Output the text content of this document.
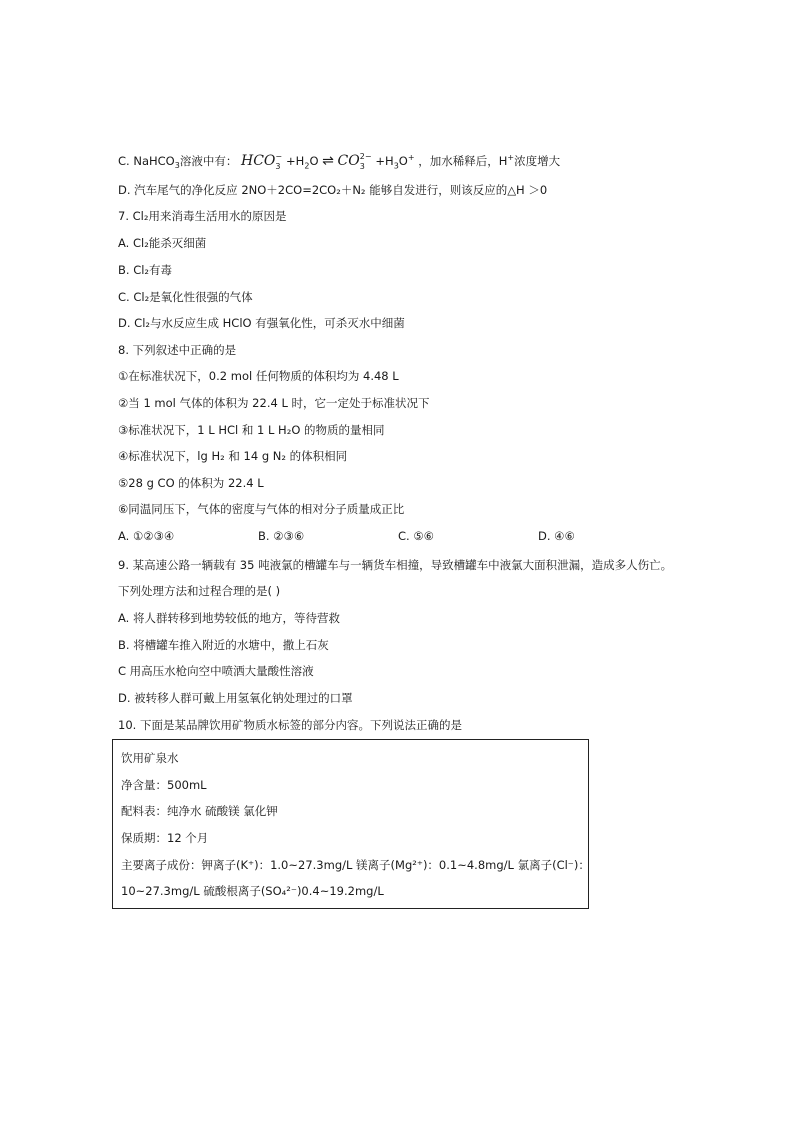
C. NaHCO$_3$溶液中有： HCO −
$3 +H_2O$ ⇌ CO 2−
$3 +H_3O^+$ ，加水稀释后，H+浓度增大
D. 汽车尾气的净化反应 2NO＋2CO=2CO₂＋N₂ 能够自发进行，则该反应的△H ＞0
7. Cl₂用来消毒生活用水的原因是
A. Cl₂能杀灭细菌
B. Cl₂有毒
C. Cl₂是氧化性很强的气体
D. Cl₂与水反应生成 HClO 有强氧化性，可杀灭水中细菌
8. 下列叙述中正确的是
①在标准状况下，0.2 mol 任何物质的体积均为 4.48 L
②当 1 mol 气体的体积为 22.4 L 时，它一定处于标准状况下
③标准状况下，1 L HCl 和 1 L H₂O 的物质的量相同
④标准状况下，lg H₂ 和 14 g N₂ 的体积相同
⑤28 g CO 的体积为 22.4 L
⑥同温同压下，气体的密度与气体的相对分子质量成正比
A. ①②③④	B. ②③⑥	C. ⑤⑥	D. ④⑥
9. 某高速公路一辆载有 35 吨液氯的槽罐车与一辆货车相撞，导致槽罐车中液氯大面积泄漏，造成多人伤亡。
下列处理方法和过程合理的是( )
A. 将人群转移到地势较低的地方，等待营救
B. 将槽罐车推入附近的水塘中，撒上石灰
C 用高压水枪向空中喷洒大量酸性溶液
D. 被转移人群可戴上用氢氧化钠处理过的口罩
10. 下面是某品牌饮用矿物质水标签的部分内容。下列说法正确的是
饮用矿泉水
净含量：500mL
配料表：纯净水 硫酸镁 氯化钾
保质期：12 个月
主要离子成份：钾离子(K⁺)：1.0~27.3mg/L 镁离子(Mg²⁺)：0.1~4.8mg/L 氯离子(Cl⁻)：
10~27.3mg/L 硫酸根离子(SO₄²⁻)0.4~19.2mg/L
